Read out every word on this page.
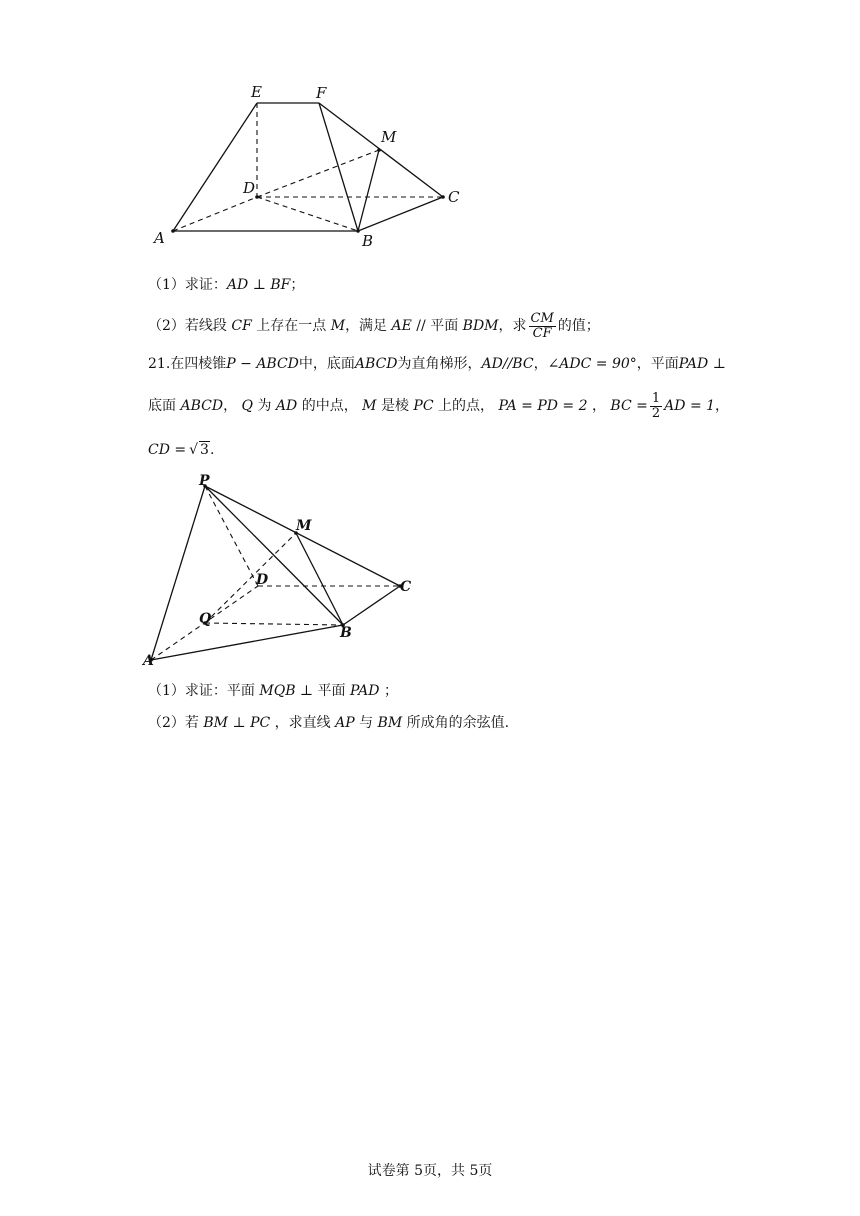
E	F
M
D	C
A	B
（1）求证：AD ⊥ BF；
（2）若线段 CF 上存在一点 M，满足 AE // 平面 BDM，求 $\frac{CM}{CF}$ 的值；
21.在四棱锥P − ABCD中，底面ABCD为直角梯形，AD//BC，∠ADC = 90°，平面PAD ⊥
底面 ABCD， Q 为 AD 的中点， M 是棱 PC 上的点， PA = PD = 2 ， BC = $\frac{1}{2}$ AD = 1，
CD = √ 3.
P
M
D	C
Q
B
A
（1）求证：平面 MQB ⊥ 平面 PAD ；
（2）若 BM ⊥ PC ，求直线 AP 与 BM 所成角的余弦值.
试卷第 5页，共 5页
